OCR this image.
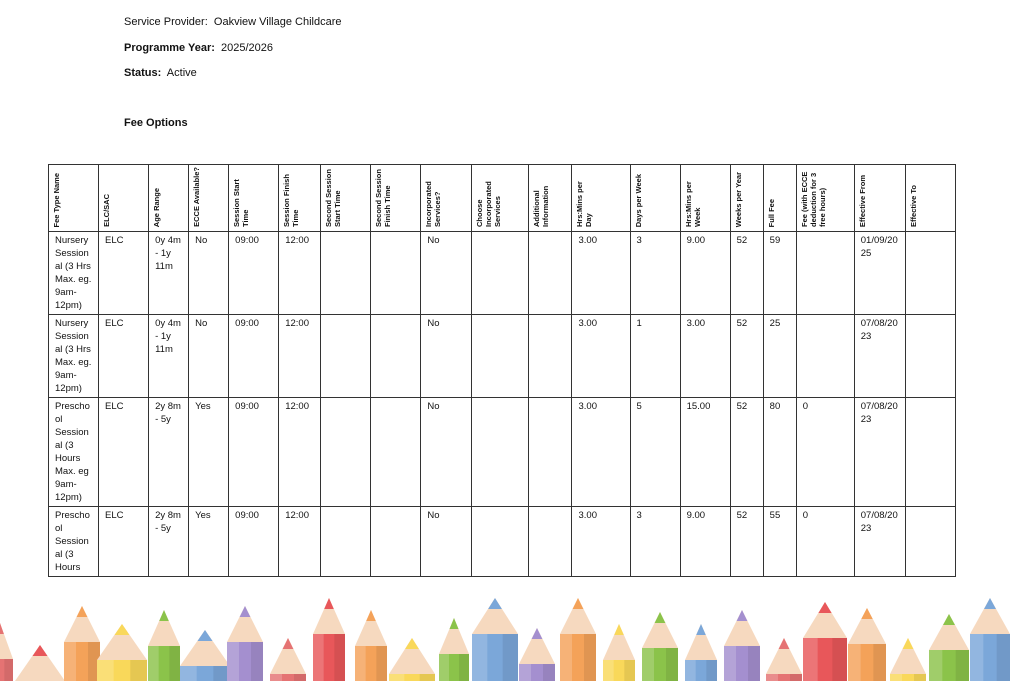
Service Provider: Oakview Village Childcare
Programme Year: 2025/2026
Status: Active
Fee Options
Fee Type Name	ELC/SAC	Age Range	ECCE Available?	Session Start Time	Session Finish Time	Second Session Start Time	Second Session Finish Time	Incorporated Services?	Choose Incorporated Services	Additional Information	Hrs:Mins per Day	Days per Week	Hrs:Mins per Week	Weeks per Year	Full Fee	Fee (with ECCE deduction for 3 free hours)	Effective From	Effective To

Nursery Sessional (3 Hrs Max. eg. 9am-12pm)	ELC	0y 4m - 1y 11m	No	09:00	12:00			No			3.00	3	9.00	52	59		01/09/2025	
Nursery Sessional (3 Hrs Max. eg. 9am-12pm)	ELC	0y 4m - 1y 11m	No	09:00	12:00			No			3.00	1	3.00	52	25		07/08/2023	
Preschool Sessional (3 Hours Max. eg 9am-12pm)	ELC	2y 8m - 5y	Yes	09:00	12:00			No			3.00	5	15.00	52	80	0	07/08/2023	
Preschool Sessional (3 Hours	ELC	2y 8m - 5y	Yes	09:00	12:00			No			3.00	3	9.00	52	55	0	07/08/2023	
